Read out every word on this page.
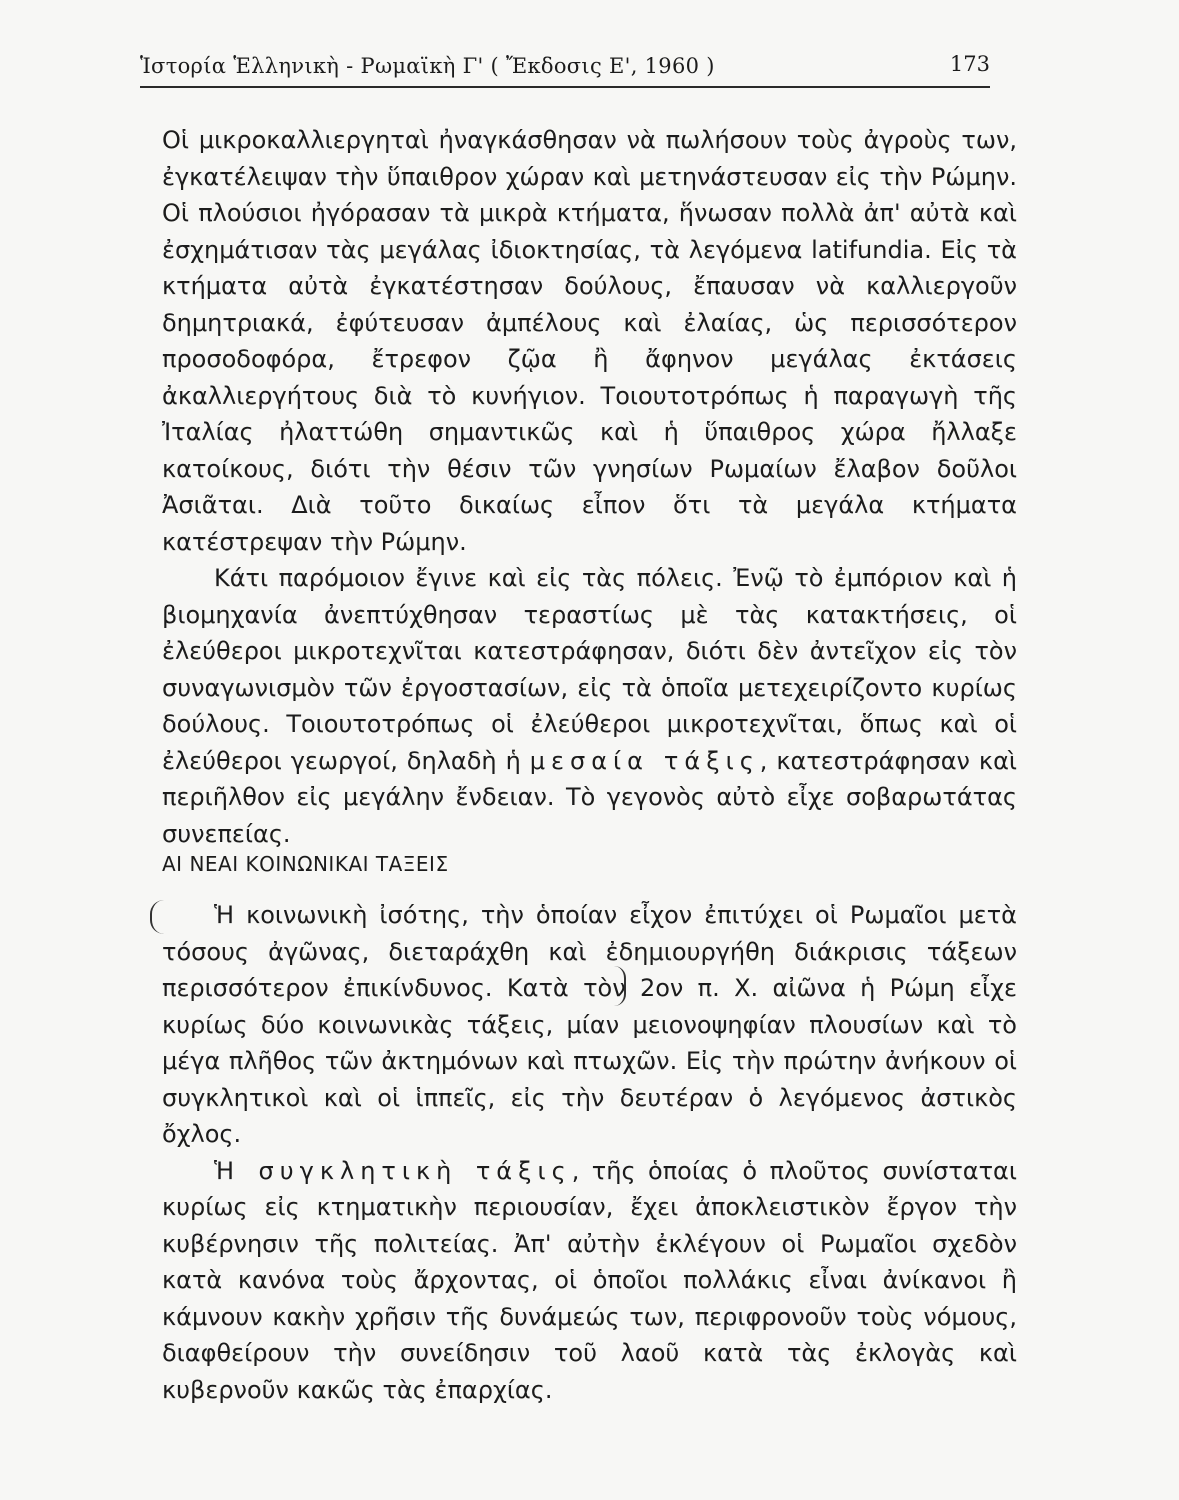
Ἱστορία Ἑλληνικὴ - Ρωμαϊκὴ Γ' ( Ἔκδοσις Ε', 1960 )	173

Οἱ μικροκαλλιεργηταὶ ἠναγκάσθησαν νὰ πωλήσουν τοὺς ἀγροὺς των, ἐγκατέλειψαν τὴν ὕπαιθρον χώραν καὶ μετηνάστευσαν εἰς τὴν Ρώμην. Οἱ πλούσιοι ἠγόρασαν τὰ μικρὰ κτήματα, ἥνωσαν πολλὰ ἀπ' αὐτὰ καὶ ἐσχημάτισαν τὰς μεγάλας ἰδιοκτησίας, τὰ λεγόμενα latifundia. Εἰς τὰ κτήματα αὐτὰ ἐγκατέστησαν δούλους, ἔπαυσαν νὰ καλλιεργοῦν δημητριακά, ἐφύτευσαν ἀμπέλους καὶ ἐλαίας, ὡς περισσότερον προσοδοφόρα, ἔτρεφον ζῷα ἢ ἄφηνον μεγάλας ἐκτάσεις ἀκαλλιεργήτους διὰ τὸ κυνήγιον. Τοιουτοτρόπως ἡ παραγωγὴ τῆς Ἰταλίας ἠλαττώθη σημαντικῶς καὶ ἡ ὕπαιθρος χώρα ἤλλαξε κατοίκους, διότι τὴν θέσιν τῶν γνησίων Ρωμαίων ἔλαβον δοῦλοι Ἀσιᾶται. Διὰ τοῦτο δικαίως εἶπον ὅτι τὰ μεγάλα κτήματα κατέστρεψαν τὴν Ρώμην.

Κάτι παρόμοιον ἔγινε καὶ εἰς τὰς πόλεις. Ἐνῷ τὸ ἐμπόριον καὶ ἡ βιομηχανία ἀνεπτύχθησαν τεραστίως μὲ τὰς κατακτήσεις, οἱ ἐλεύθεροι μικροτεχνῖται κατεστράφησαν, διότι δὲν ἀντεῖχον εἰς τὸν συναγωνισμὸν τῶν ἐργοστασίων, εἰς τὰ ὁποῖα μετεχειρίζοντο κυρίως δούλους. Τοιουτοτρόπως οἱ ἐλεύθεροι μικροτεχνῖται, ὅπως καὶ οἱ ἐλεύθεροι γεωργοί, δηλαδὴ ἡ μεσαία τάξις, κατεστράφησαν καὶ περιῆλθον εἰς μεγάλην ἔνδειαν. Τὸ γεγονὸς αὐτὸ εἶχε σοβαρωτάτας συνεπείας.

ΑΙ ΝΕΑΙ ΚΟΙΝΩΝΙΚΑΙ ΤΑΞΕΙΣ

Ἡ κοινωνικὴ ἰσότης, τὴν ὁποίαν εἶχον ἐπιτύχει οἱ Ρωμαῖοι μετὰ τόσους ἀγῶνας, διεταράχθη καὶ ἐδημιουργήθη διάκρισις τάξεων περισσότερον ἐπικίνδυνος. Κατὰ τὸν 2ον π. Χ. αἰῶνα ἡ Ρώμη εἶχε κυρίως δύο κοινωνικὰς τάξεις, μίαν μειονοψηφίαν πλουσίων καὶ τὸ μέγα πλῆθος τῶν ἀκτημόνων καὶ πτωχῶν. Εἰς τὴν πρώτην ἀνήκουν οἱ συγκλητικοὶ καὶ οἱ ἱππεῖς, εἰς τὴν δευτέραν ὁ λεγόμενος ἀστικὸς ὄχλος.

Ἡ συγκλητικὴ τάξις, τῆς ὁποίας ὁ πλοῦτος συνίσταται κυρίως εἰς κτηματικὴν περιουσίαν, ἔχει ἀποκλειστικὸν ἔργον τὴν κυβέρνησιν τῆς πολιτείας. Ἀπ' αὐτὴν ἐκλέγουν οἱ Ρωμαῖοι σχεδὸν κατὰ κανόνα τοὺς ἄρχοντας, οἱ ὁποῖοι πολλάκις εἶναι ἀνίκανοι ἢ κάμνουν κακὴν χρῆσιν τῆς δυνάμεώς των, περιφρονοῦν τοὺς νόμους, διαφθείρουν τὴν συνείδησιν τοῦ λαοῦ κατὰ τὰς ἐκλογὰς καὶ κυβερνοῦν κακῶς τὰς ἐπαρχίας.
